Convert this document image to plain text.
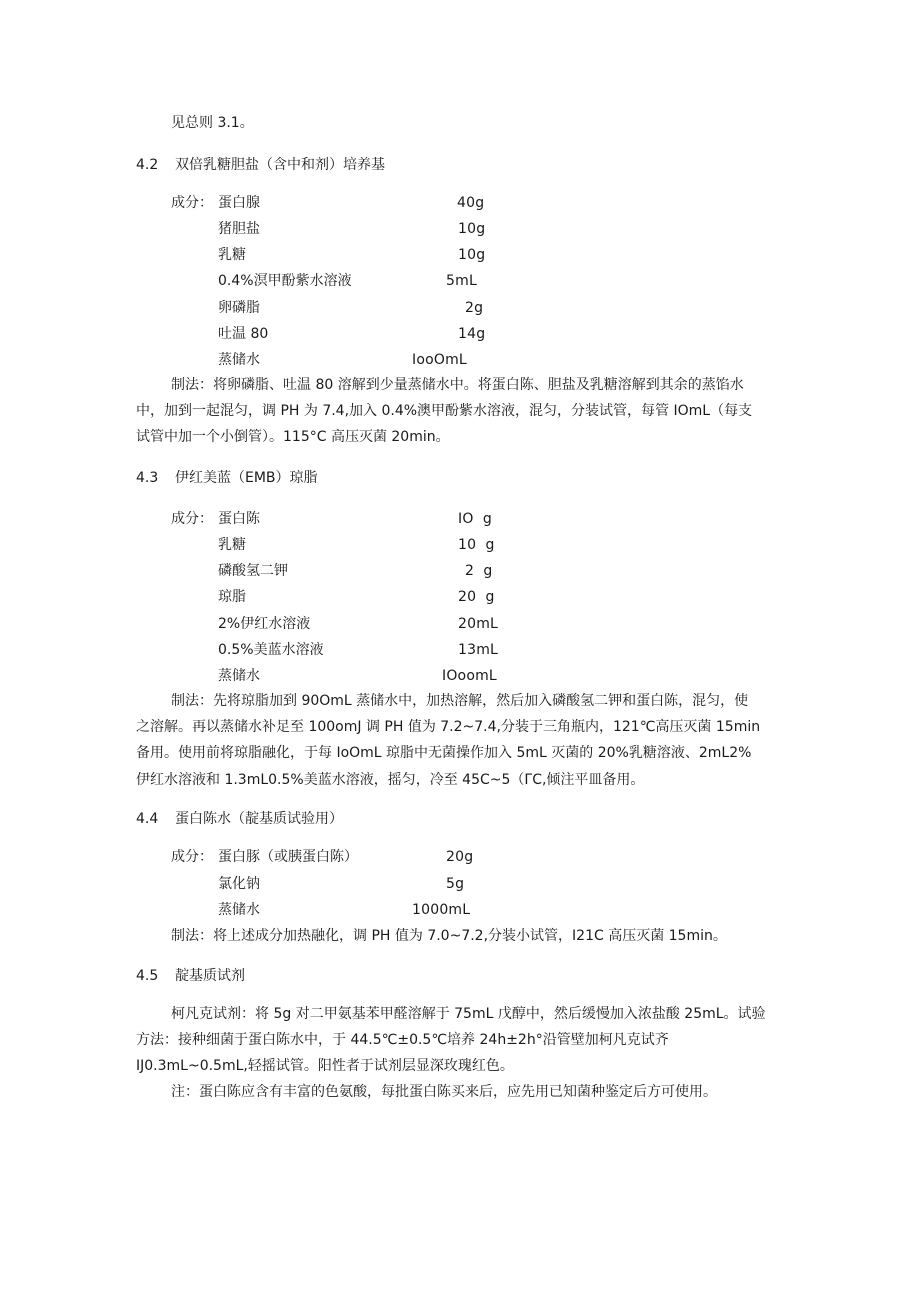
见总则 3.1。
4.2 双倍乳糖胆盐（含中和剂）培养基
成分： 蛋白腺	40g
猪胆盐	10g
乳糖	10g
0.4%溟甲酚紫水溶液	5mL
卵磷脂	2g
吐温 80	14g
蒸储水	IooOmL
制法：将卵磷脂、吐温 80 溶解到少量蒸储水中。将蛋白陈、胆盐及乳糖溶解到其余的蒸馅水
中，加到一起混匀，调 PH 为 7.4,加入 0.4%澳甲酚紫水溶液，混匀，分装试管，每管 IOmL（每支
试管中加一个小倒管）。115°C 高压灭菌 20min。
4.3 伊红美蓝（EMB）琼脂
成分： 蛋白陈	IO  g
乳糖	10  g
磷酸氢二钾	2  g
琼脂	20  g
2%伊红水溶液	20mL
0.5%美蓝水溶液	13mL
蒸储水	IOoomL
制法：先将琼脂加到 90OmL 蒸储水中，加热溶解，然后加入磷酸氢二钾和蛋白陈，混匀，使
之溶解。再以蒸储水补足至 100omJ 调 PH 值为 7.2~7.4,分装于三角瓶内，121℃高压灭菌 15min
备用。使用前将琼脂融化，于每 IoOmL 琼脂中无菌操作加入 5mL 灭菌的 20%乳糖溶液、2mL2%
伊红水溶液和 1.3mL0.5%美蓝水溶液，摇匀，冷至 45C~5（ΓC,倾注平皿备用。
4.4 蛋白陈水（靛基质试验用）
成分： 蛋白豚（或胰蛋白陈）	20g
氯化钠	5g
蒸储水	1000mL
制法：将上述成分加热融化，调 PH 值为 7.0~7.2,分装小试管，I21C 高压灭菌 15min。
4.5 靛基质试剂
柯凡克试剂：将 5g 对二甲氨基苯甲醛溶解于 75mL 戊醇中，然后缓慢加入浓盐酸 25mL。试验
方法：接种细菌于蛋白陈水中，于 44.5℃±0.5℃培养 24h±2h°沿管壁加柯凡克试齐
IJ0.3mL~0.5mL,轻摇试管。阳性者于试剂层显深玫瑰红色。
注：蛋白陈应含有丰富的色氨酸，每批蛋白陈买来后，应先用已知菌种鉴定后方可使用。
